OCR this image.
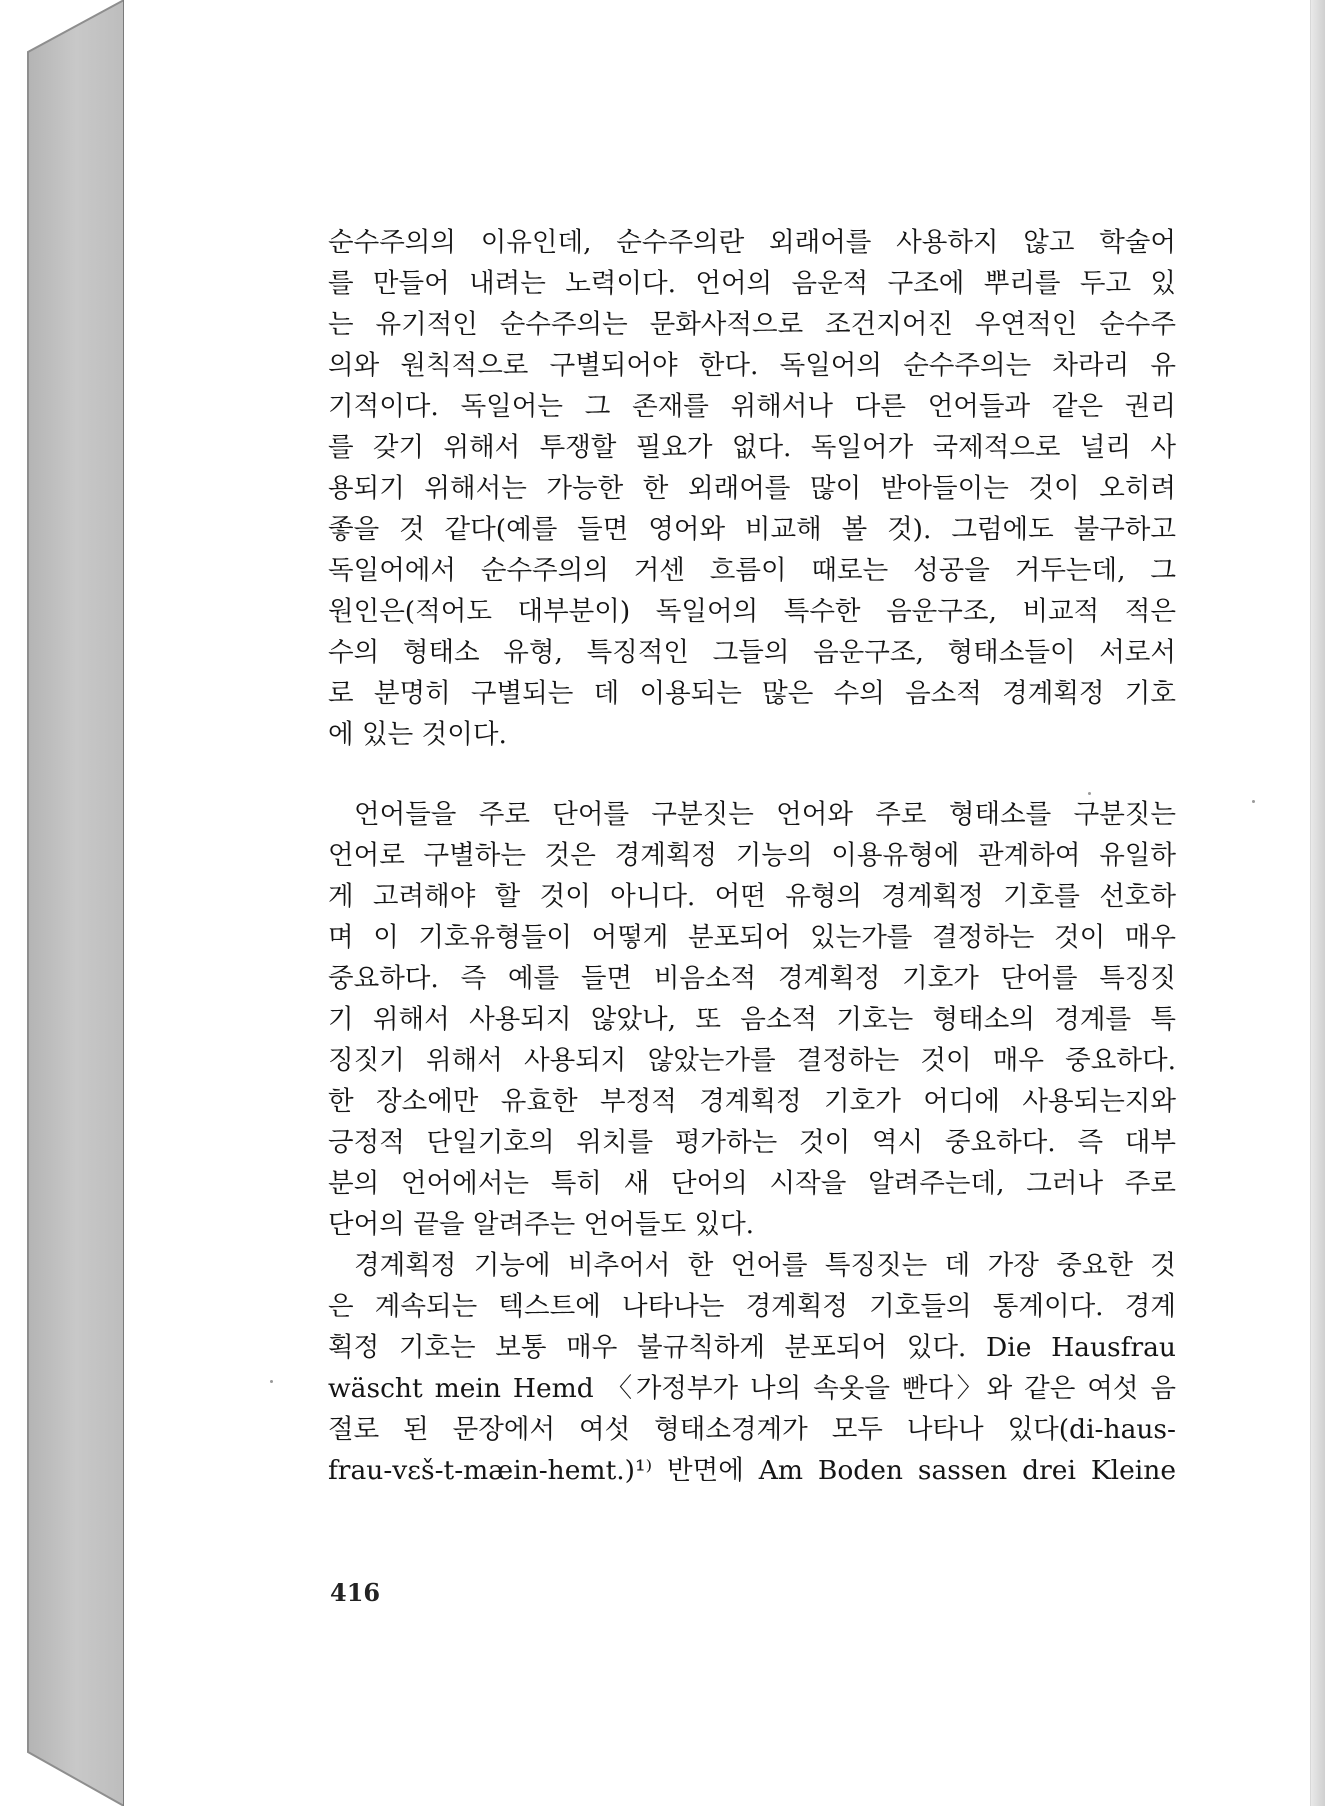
순수주의의 이유인데, 순수주의란 외래어를 사용하지 않고 학술어
를 만들어 내려는 노력이다. 언어의 음운적 구조에 뿌리를 두고 있
는 유기적인 순수주의는 문화사적으로 조건지어진 우연적인 순수주
의와 원칙적으로 구별되어야 한다. 독일어의 순수주의는 차라리 유
기적이다. 독일어는 그 존재를 위해서나 다른 언어들과 같은 권리
를 갖기 위해서 투쟁할 필요가 없다. 독일어가 국제적으로 널리 사
용되기 위해서는 가능한 한 외래어를 많이 받아들이는 것이 오히려
좋을 것 같다(예를 들면 영어와 비교해 볼 것). 그럼에도 불구하고
독일어에서 순수주의의 거센 흐름이 때로는 성공을 거두는데, 그
원인은(적어도 대부분이) 독일어의 특수한 음운구조, 비교적 적은
수의 형태소 유형, 특징적인 그들의 음운구조, 형태소들이 서로서
로 분명히 구별되는 데 이용되는 많은 수의 음소적 경계획정 기호
에 있는 것이다.
언어들을 주로 단어를 구분짓는 언어와 주로 형태소를 구분짓는
언어로 구별하는 것은 경계획정 기능의 이용유형에 관계하여 유일하
게 고려해야 할 것이 아니다. 어떤 유형의 경계획정 기호를 선호하
며 이 기호유형들이 어떻게 분포되어 있는가를 결정하는 것이 매우
중요하다. 즉 예를 들면 비음소적 경계획정 기호가 단어를 특징짓
기 위해서 사용되지 않았나, 또 음소적 기호는 형태소의 경계를 특
징짓기 위해서 사용되지 않았는가를 결정하는 것이 매우 중요하다.
한 장소에만 유효한 부정적 경계획정 기호가 어디에 사용되는지와
긍정적 단일기호의 위치를 평가하는 것이 역시 중요하다. 즉 대부
분의 언어에서는 특히 새 단어의 시작을 알려주는데, 그러나 주로
단어의 끝을 알려주는 언어들도 있다.
경계획정 기능에 비추어서 한 언어를 특징짓는 데 가장 중요한 것
은 계속되는 텍스트에 나타나는 경계획정 기호들의 통계이다. 경계
획정 기호는 보통 매우 불규칙하게 분포되어 있다. Die Hausfrau
wäscht mein Hemd 〈가정부가 나의 속옷을 빤다〉와 같은 여섯 음
절로 된 문장에서 여섯 형태소경계가 모두 나타나 있다(di-haus-
frau-vɛš-t-mæin-hemt.)¹⁾ 반면에 Am Boden sassen drei Kleine
416
